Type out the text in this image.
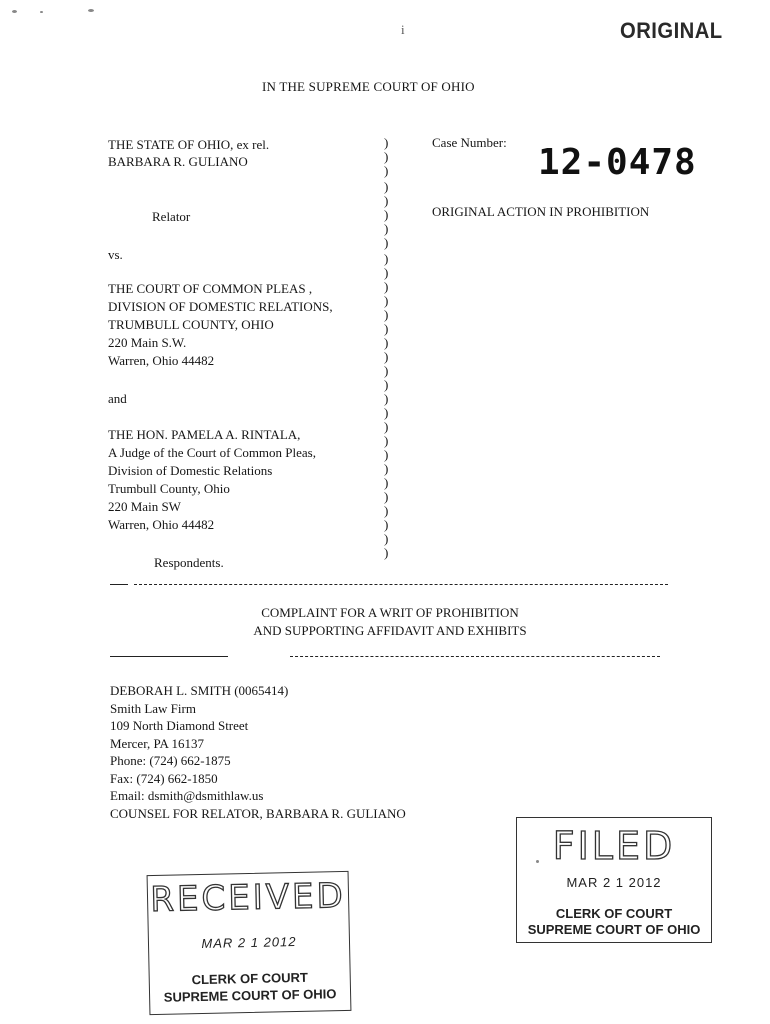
ORIGINAL
i
IN THE SUPREME COURT OF OHIO
THE STATE OF OHIO, ex rel.
BARBARA R. GULIANO
Relator
vs.
THE COURT OF COMMON PLEAS ,
DIVISION OF DOMESTIC RELATIONS,
TRUMBULL COUNTY, OHIO
220 Main S.W.
Warren, Ohio 44482
and
THE HON. PAMELA A. RINTALA,
A Judge of the Court of Common Pleas,
Division of Domestic Relations
Trumbull County, Ohio
220 Main SW
Warren, Ohio 44482
Respondents.
)
)
)
)
)
)
)
)
)
)
)
)
)
)
)
)
)
)
)
)
)
)
)
)
)
)
)
)
)
)
Case Number: 12-0478
ORIGINAL ACTION IN PROHIBITION
COMPLAINT FOR A WRIT OF PROHIBITION
AND SUPPORTING AFFIDAVIT AND EXHIBITS
DEBORAH L. SMITH (0065414)
Smith Law Firm
109 North Diamond Street
Mercer, PA 16137
Phone: (724) 662-1875
Fax: (724) 662-1850
Email: dsmith@dsmithlaw.us
COUNSEL FOR RELATOR, BARBARA R. GULIANO
FILED
MAR 2 1 2012
CLERK OF COURT
SUPREME COURT OF OHIO
RECEIVED
MAR 2 1 2012
CLERK OF COURT
SUPREME COURT OF OHIO
